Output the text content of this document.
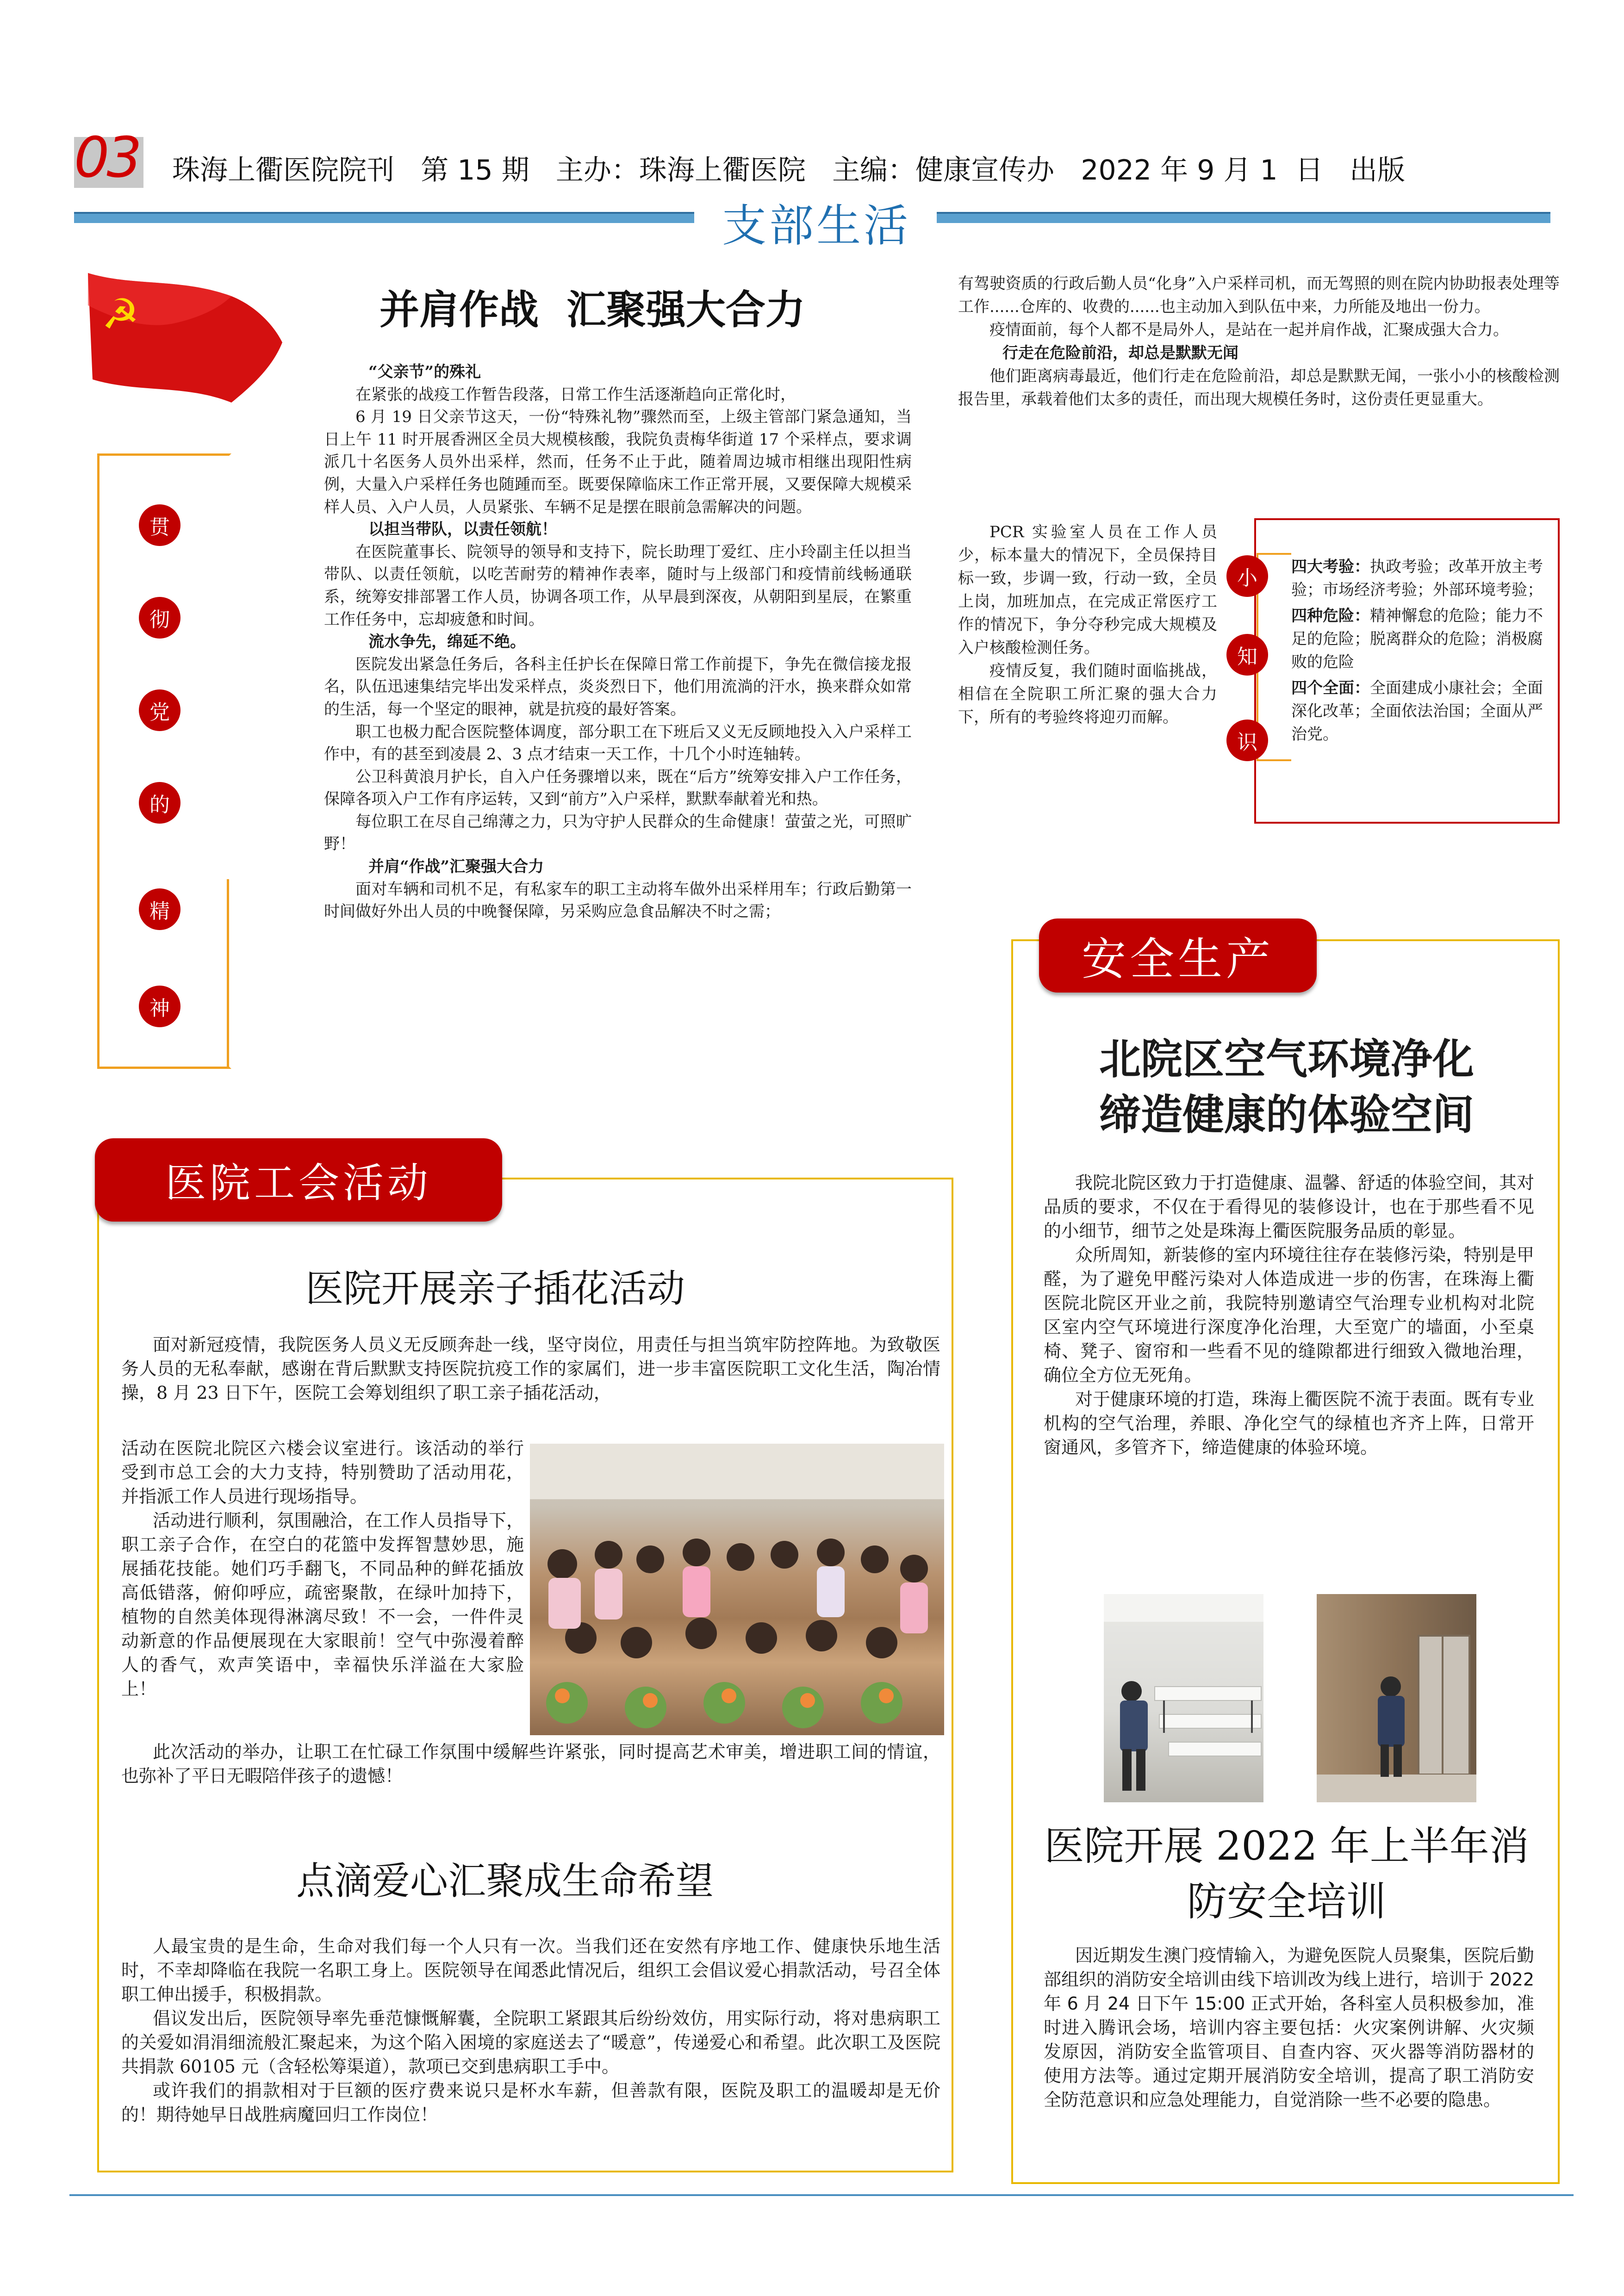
03 珠海上衢医院院刊   第 15 期   主办：珠海上衢医院   主编：健康宣传办   2022 年 9 月 1  日   出版
支部生活
☭
贯
彻
党
的
精
神
并肩作战  汇聚强大合力

“父亲节”的殊礼

在紧张的战疫工作暂告段落，日常工作生活逐渐趋向正常化时，

6 月 19 日父亲节这天，一份“特殊礼物”骤然而至，上级主管部门紧急通知，当日上午 11 时开展香洲区全员大规模核酸，我院负责梅华街道 17 个采样点，要求调派几十名医务人员外出采样，然而，任务不止于此，随着周边城市相继出现阳性病例，大量入户采样任务也随踵而至。既要保障临床工作正常开展，又要保障大规模采样人员、入户人员，人员紧张、车辆不足是摆在眼前急需解决的问题。

以担当带队，以责任领航！

在医院董事长、院领导的领导和支持下，院长助理丁爱红、庄小玲副主任以担当带队、以责任领航，以吃苦耐劳的精神作表率，随时与上级部门和疫情前线畅通联系，统筹安排部署工作人员，协调各项工作，从早晨到深夜，从朝阳到星辰，在繁重工作任务中，忘却疲惫和时间。

流水争先，绵延不绝。

医院发出紧急任务后，各科主任护长在保障日常工作前提下，争先在微信接龙报名，队伍迅速集结完毕出发采样点，炎炎烈日下，他们用流淌的汗水，换来群众如常的生活，每一个坚定的眼神，就是抗疫的最好答案。

职工也极力配合医院整体调度，部分职工在下班后又义无反顾地投入入户采样工作中，有的甚至到凌晨 2、3 点才结束一天工作，十几个小时连轴转。

公卫科黄浪月护长，自入户任务骤增以来，既在“后方”统筹安排入户工作任务，保障各项入户工作有序运转，又到“前方”入户采样，默默奉献着光和热。

每位职工在尽自己绵薄之力，只为守护人民群众的生命健康！萤萤之光，可照旷野！

并肩“作战”汇聚强大合力

面对车辆和司机不足，有私家车的职工主动将车做外出采样用车；行政后勤第一时间做好外出人员的中晚餐保障，另采购应急食品解决不时之需；

有驾驶资质的行政后勤人员“化身”入户采样司机，而无驾照的则在院内协助报表处理等工作......仓库的、收费的......也主动加入到队伍中来，力所能及地出一份力。

疫情面前，每个人都不是局外人，是站在一起并肩作战，汇聚成强大合力。

行走在危险前沿，却总是默默无闻

他们距离病毒最近，他们行走在危险前沿，却总是默默无闻，一张小小的核酸检测报告里，承载着他们太多的责任，而出现大规模任务时，这份责任更显重大。

PCR 实验室人员在工作人员少，标本量大的情况下，全员保持目标一致，步调一致，行动一致，全员上岗，加班加点，在完成正常医疗工作的情况下，争分夺秒完成大规模及入户核酸检测任务。

疫情反复，我们随时面临挑战，相信在全院职工所汇聚的强大合力下，所有的考验终将迎刃而解。

小
知
识
四大考验：执政考验；改革开放主考验；市场经济考验；外部环境考验；
四种危险：精神懈怠的危险；能力不足的危险；脱离群众的危险；消极腐败的危险
四个全面：全面建成小康社会；全面深化改革；全面依法治国；全面从严治党。
医院工会活动
医院开展亲子插花活动

面对新冠疫情，我院医务人员义无反顾奔赴一线，坚守岗位，用责任与担当筑牢防控阵地。为致敬医务人员的无私奉献，感谢在背后默默支持医院抗疫工作的家属们，进一步丰富医院职工文化生活，陶冶情操，8 月 23 日下午，医院工会筹划组织了职工亲子插花活动，

活动在医院北院区六楼会议室进行。该活动的举行受到市总工会的大力支持，特别赞助了活动用花，并指派工作人员进行现场指导。

活动进行顺利，氛围融洽，在工作人员指导下，职工亲子合作，在空白的花篮中发挥智慧妙思，施展插花技能。她们巧手翻飞，不同品种的鲜花插放高低错落，俯仰呼应，疏密聚散，在绿叶加持下，植物的自然美体现得淋漓尽致！不一会，一件件灵动新意的作品便展现在大家眼前！空气中弥漫着醉人的香气，欢声笑语中，幸福快乐洋溢在大家脸上！

此次活动的举办，让职工在忙碌工作氛围中缓解些许紧张，同时提高艺术审美，增进职工间的情谊，也弥补了平日无暇陪伴孩子的遗憾！

点滴爱心汇聚成生命希望

人最宝贵的是生命，生命对我们每一个人只有一次。当我们还在安然有序地工作、健康快乐地生活时，不幸却降临在我院一名职工身上。医院领导在闻悉此情况后，组织工会倡议爱心捐款活动，号召全体职工伸出援手，积极捐款。

倡议发出后，医院领导率先垂范慷慨解囊，全院职工紧跟其后纷纷效仿，用实际行动，将对患病职工的关爱如涓涓细流般汇聚起来，为这个陷入困境的家庭送去了“暖意”，传递爱心和希望。此次职工及医院共捐款 60105 元（含轻松筹渠道），款项已交到患病职工手中。

或许我们的捐款相对于巨额的医疗费来说只是杯水车薪，但善款有限，医院及职工的温暖却是无价的！期待她早日战胜病魔回归工作岗位！

安全生产
北院区空气环境净化
缔造健康的体验空间

我院北院区致力于打造健康、温馨、舒适的体验空间，其对品质的要求，不仅在于看得见的装修设计，也在于那些看不见的小细节，细节之处是珠海上衢医院服务品质的彰显。

众所周知，新装修的室内环境往往存在装修污染，特别是甲醛，为了避免甲醛污染对人体造成进一步的伤害，在珠海上衢医院北院区开业之前，我院特别邀请空气治理专业机构对北院区室内空气环境进行深度净化治理，大至宽广的墙面，小至桌椅、凳子、窗帘和一些看不见的缝隙都进行细致入微地治理，确位全方位无死角。

对于健康环境的打造，珠海上衢医院不流于表面。既有专业机构的空气治理，养眼、净化空气的绿植也齐齐上阵，日常开窗通风，多管齐下，缔造健康的体验环境。

医院开展 2022 年上半年消
防安全培训

因近期发生澳门疫情输入，为避免医院人员聚集，医院后勤部组织的消防安全培训由线下培训改为线上进行，培训于 2022 年 6 月 24 日下午 15:00 正式开始，各科室人员积极参加，准时进入腾讯会场，培训内容主要包括：火灾案例讲解、火灾频发原因，消防安全监管项目、自查内容、灭火器等消防器材的使用方法等。通过定期开展消防安全培训，提高了职工消防安全防范意识和应急处理能力，自觉消除一些不必要的隐患。
